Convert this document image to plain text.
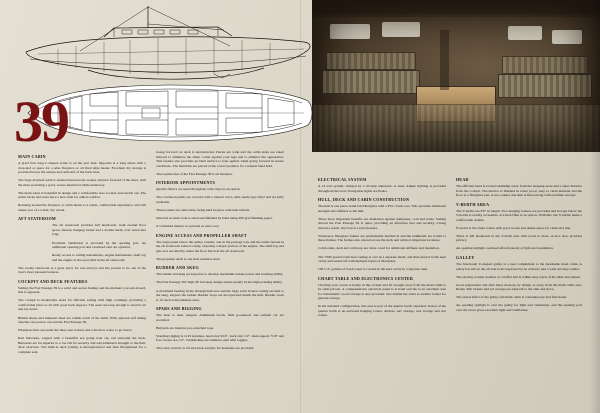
39
MAIN CABIN

A great four long L-shaped settee is on the port side. Opposite is a long settee with a drop-leaf or space for a wine fireplace or oil fired table heater. Excellent dry storage is provided below the settees and outboard of the back rests.

The large dropleaf table is situated between the settees and just forward of the mast, with the mast providing a good, secure hand hold while underway.

The main salon is beautiful in design and a comfortable area to relax and stretch out. The settee backs and seats have a nice slide for added comfort.

Relaxing around the fireplace or cabin heater is a warm, comfortable experience, and will assure you of a warm, dry vessel.

AFT STATEROOM

The aft stateroom provides full headroom, walk around floor space, bureau, hanging locker and a double berth, over seven feet long.

Excellent ventilation is provided by the opening port. An additional opening port and overhead vent are optional.

Ready access to sailing instruments, engine instruments, shaft log and the engine is also provided in the aft stateroom.

The roomy stateroom is a great place for rest privacy and has proven to be one of the boat's most pleasant features.

COCKPIT AND DECK FEATURES

Sailing the Fast Passage 39 is a solid and secure feeling and the moment you sail aboard, this is apparent.

The cockpit is moderately sized for efficient sailing with high coamings providing a comfortable place to sit with good back support. The seats are long enough to stretch out and lay down.

Bimini sheets and mainsail sheet are within reach of the helm. With optional self tailing winches one person can sail the Fast Passage 39.

Fiberglass bins are under the three seat lockers and will allow water to go below.

Rail bulwarks, capped with a beautiful sea going teak cap rail surround the deck. Bulwarks are far superior to a toe rail for security and add additional strength to the hull-deck structure. The built-in deck joining is through-bolted and then fiberglassed for a complete seal.

Going forward on deck is unobstructed. Decks are wide and the cabin sides are raked inboard to eliminate the sharp corner against your legs and to enhance the appearance. This feature also provides an ideal surface to lean against while going forward in severe conditions. The handrails are placed at the correct position for a natural hand hold.

The topside feel of the Fast Passage 39 is all business.

INTERIOR APPOINTMENTS

Quality fabrics are used throughout with vinyl as an option.

The overhead panels are covered with a natural color, ultra suede type vinyl and are fully washable.

These panels are removable, being held in place with teak battens.

Selected acoustic teak is oiled and finished by hand using 400 grit finishing paper.

A varnished interior is optional as extra cost.

ENGINE ACCESS AND PROPELLER SHAFT

The large panel below the galley counter, one in the passage way and the entire bureau in the aft stateroom remove easily, exposing a major portion of the engine. The shaft log and gate box are directly under the floor hatch in the aft stateroom.

The propeller shaft is one inch stainless steel.

RUDDER AND SKEG

The rudder and skeg are keyed in to develop maximum rudder power and tracking ability.

The Fast Passage 39's high lift foil skeg design assists greatly in her high pointing ability.

A machined bearing in the through-hull area and the large solid bronze casting secured to the skeg, support the rudder. Rudder stops are incorporated inside the hull. Rudder stock is 1¾ inch solid stainless steel.

SPARS AND RIGGING

The mast is mast stepped. Aluminum boom, field gooseneck and outhaul car are provided.

Halyards are internal, pre-stretched rope.

Standing rigging is 1x19 stainless, head stay 9/16", back stay 1/2", main uppers 7/16" and fore lowers are 1/4". Turnbuckles are stainless steel with toggles.

The roller traveler is aft and track and jibs for headsails are provided.

ELECTRICAL SYSTEM

A 12-volt system, charged by a 45-amp alternator, is used. Ample lighting is provided throughout the boat. Navigation lights are Perko.

HULL, DECK AND CABIN CONSTRUCTION

The hull is one piece, hand laid fiberglass with a PVC foam core. This provides additional strength and stiffness to the hull.

Three more important benefits are insulation against dampness, cold and noise. Sailing aboard the Fast Passage 39 is quiet, providing an effortless feel and security. Living aboard a warm, dry boat is a real pleasure.

Transverse fiberglass frames are permanently molded in and the bulkheads are bolted to these frames. The frames also extend across the deck and cabin at important locations.

Cabin sides, deck and cabin top are balsa cored for additional stiffness and insulation.

The 7500 pound solid lead casting is cast in a separate mold, and then placed in the keel cavity and sealed off with multiple layers of fiberglass.

100 U.S. gallons of fresh water is carried in the keel cavity in a separate tank.

CHART TABLE AND ELECTRONICS CENTER

Charting your course is handy in the cockpit and far enough away from the main cabin to be semi-private. A comprehensive electrical panel is at hand and the is an excellent area for instruments. Good storage is also provided. Just behind the stairs is another locker for general storage.

In the standard configuration, this area is part of the quarter berth. Optional, in lieu of the quarter berth is an enclosed hanging locker, shelves, nav storage, tool storage and wet locker.

HEAD

The efficient head is located amidship away from the sleeping areas and a short distance from the cockpit. The interior is finished in water proof, easy to clean material and the floor is a fiberglass pan. A sea counter and sink is fitted along with excellent storage.

V-BERTH AREA

The V-berths are 6'6" in length. Two hanging lockers are provided and storage below the V-berths is readily accessible. A 9 inch fillet is an option. With this, the V-berths make a comfortable double.

Forward is the chain locker with good access and ample space for chain and line.

There is full headroom in the V-berth area with room to dress. A nice door provides privacy.

An opening skylight overhead affords plenty of light and ventilation.

GALLEY

The functional U-shaped galley is a near compliment to the handsome main cabin. A safety bar rail on the aft side is incorporated by an archway and a wide serving counter.

The serving counter doubles as a buffet and is within easy reach of the table and settees.

Good preparation and after meal clean-up by design, is away from the main cabin area. Ready dish lockers and pot storage are adjacent to the sink and stove.

The visual effect of the galley and main cabin is contemporary and functional.

An opening skylight is over the galley for light and ventilation, and the opening port over the stove gives excellent light and ventilation.
